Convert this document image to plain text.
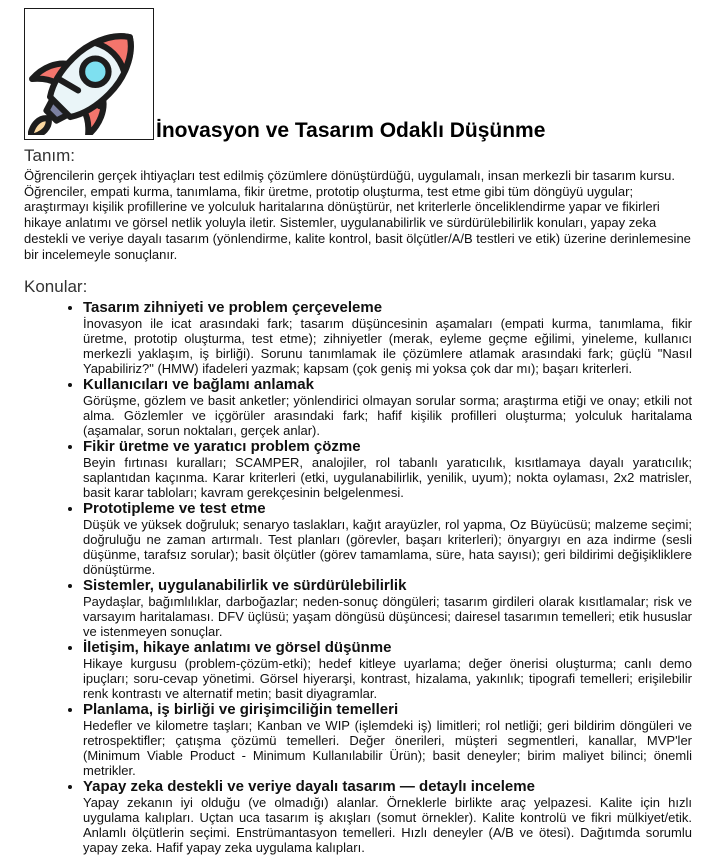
İnovasyon ve Tasarım Odaklı Düşünme
Tanım:

Öğrencilerin gerçek ihtiyaçları test edilmiş çözümlere dönüştürdüğü, uygulamalı, insan merkezli bir tasarım kursu. Öğrenciler, empati kurma, tanımlama, fikir üretme, prototip oluşturma, test etme gibi tüm döngüyü uygular; araştırmayı kişilik profillerine ve yolculuk haritalarına dönüştürür, net kriterlerle önceliklendirme yapar ve fikirleri hikaye anlatımı ve görsel netlik yoluyla iletir. Sistemler, uygulanabilirlik ve sürdürülebilirlik konuları, yapay zeka destekli ve veriye dayalı tasarım (yönlendirme, kalite kontrol, basit ölçütler/A/B testleri ve etik) üzerine derinlemesine bir incelemeyle sonuçlanır.

Konular:
• Tasarım zihniyeti ve problem çerçeveleme
İnovasyon ile icat arasındaki fark; tasarım düşüncesinin aşamaları (empati kurma, tanımlama, fikir üretme, prototip oluşturma, test etme); zihniyetler (merak, eyleme geçme eğilimi, yineleme, kullanıcı merkezli yaklaşım, iş birliği). Sorunu tanımlamak ile çözümlere atlamak arasındaki fark; güçlü "Nasıl Yapabiliriz?" (HMW) ifadeleri yazmak; kapsam (çok geniş mi yoksa çok dar mı); başarı kriterleri.
• Kullanıcıları ve bağlamı anlamak
Görüşme, gözlem ve basit anketler; yönlendirici olmayan sorular sorma; araştırma etiği ve onay; etkili not alma. Gözlemler ve içgörüler arasındaki fark; hafif kişilik profilleri oluşturma; yolculuk haritalama (aşamalar, sorun noktaları, gerçek anlar).
• Fikir üretme ve yaratıcı problem çözme
Beyin fırtınası kuralları; SCAMPER, analojiler, rol tabanlı yaratıcılık, kısıtlamaya dayalı yaratıcılık; saplantıdan kaçınma. Karar kriterleri (etki, uygulanabilirlik, yenilik, uyum); nokta oylaması, 2x2 matrisler, basit karar tabloları; kavram gerekçesinin belgelenmesi.
• Prototipleme ve test etme
Düşük ve yüksek doğruluk; senaryo taslakları, kağıt arayüzler, rol yapma, Oz Büyücüsü; malzeme seçimi; doğruluğu ne zaman artırmalı. Test planları (görevler, başarı kriterleri); önyargıyı en aza indirme (sesli düşünme, tarafsız sorular); basit ölçütler (görev tamamlama, süre, hata sayısı); geri bildirimi değişikliklere dönüştürme.
• Sistemler, uygulanabilirlik ve sürdürülebilirlik
Paydaşlar, bağımlılıklar, darboğazlar; neden-sonuç döngüleri; tasarım girdileri olarak kısıtlamalar; risk ve varsayım haritalaması. DFV üçlüsü; yaşam döngüsü düşüncesi; dairesel tasarımın temelleri; etik hususlar ve istenmeyen sonuçlar.
• İletişim, hikaye anlatımı ve görsel düşünme
Hikaye kurgusu (problem-çözüm-etki); hedef kitleye uyarlama; değer önerisi oluşturma; canlı demo ipuçları; soru-cevap yönetimi. Görsel hiyerarşi, kontrast, hizalama, yakınlık; tipografi temelleri; erişilebilir renk kontrastı ve alternatif metin; basit diyagramlar.
• Planlama, iş birliği ve girişimciliğin temelleri
Hedefler ve kilometre taşları; Kanban ve WIP (işlemdeki iş) limitleri; rol netliği; geri bildirim döngüleri ve retrospektifler; çatışma çözümü temelleri. Değer önerileri, müşteri segmentleri, kanallar, MVP'ler (Minimum Viable Product - Minimum Kullanılabilir Ürün); basit deneyler; birim maliyet bilinci; önemli metrikler.
• Yapay zeka destekli ve veriye dayalı tasarım — detaylı inceleme
Yapay zekanın iyi olduğu (ve olmadığı) alanlar. Örneklerle birlikte araç yelpazesi. Kalite için hızlı uygulama kalıpları. Uçtan uca tasarım iş akışları (somut örnekler). Kalite kontrolü ve fikri mülkiyet/etik. Anlamlı ölçütlerin seçimi. Enstrümantasyon temelleri. Hızlı deneyler (A/B ve ötesi). Dağıtımda sorumlu yapay zeka. Hafif yapay zeka uygulama kalıpları.
